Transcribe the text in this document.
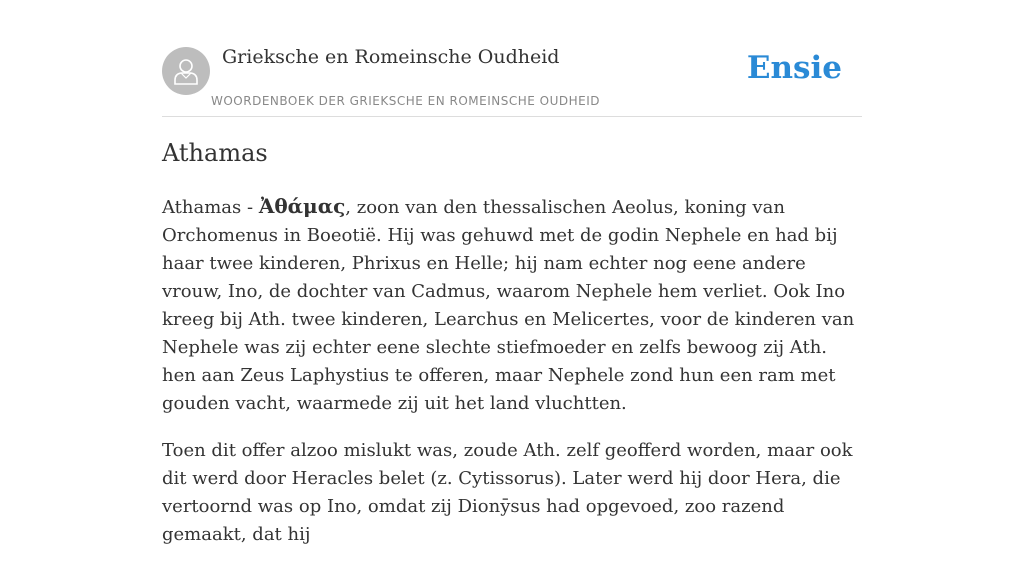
Grieksche en Romeinsche Oudheid
WOORDENBOEK DER GRIEKSCHE EN ROMEINSCHE OUDHEID
Ensie
Athamas

Athamas - Ἀθάμας, zoon van den thessalischen Aeolus, koning van Orchomenus in Boeotië. Hij was gehuwd met de godin Nephele en had bij haar twee kinderen, Phrixus en Helle; hij nam echter nog eene andere vrouw, Ino, de dochter van Cadmus, waarom Nephele hem verliet. Ook Ino kreeg bij Ath. twee kinderen, Learchus en Melicertes, voor de kinderen van Nephele was zij echter eene slechte stiefmoeder en zelfs bewoog zij Ath. hen aan Zeus Laphystius te offeren, maar Nephele zond hun een ram met gouden vacht, waarmede zij uit het land vluchtten.

Toen dit offer alzoo mislukt was, zoude Ath. zelf geofferd worden, maar ook dit werd door Heracles belet (z. Cytissorus). Later werd hij door Hera, die vertoornd was op Ino, omdat zij Dionȳsus had opgevoed, zoo razend gemaakt, dat hij
